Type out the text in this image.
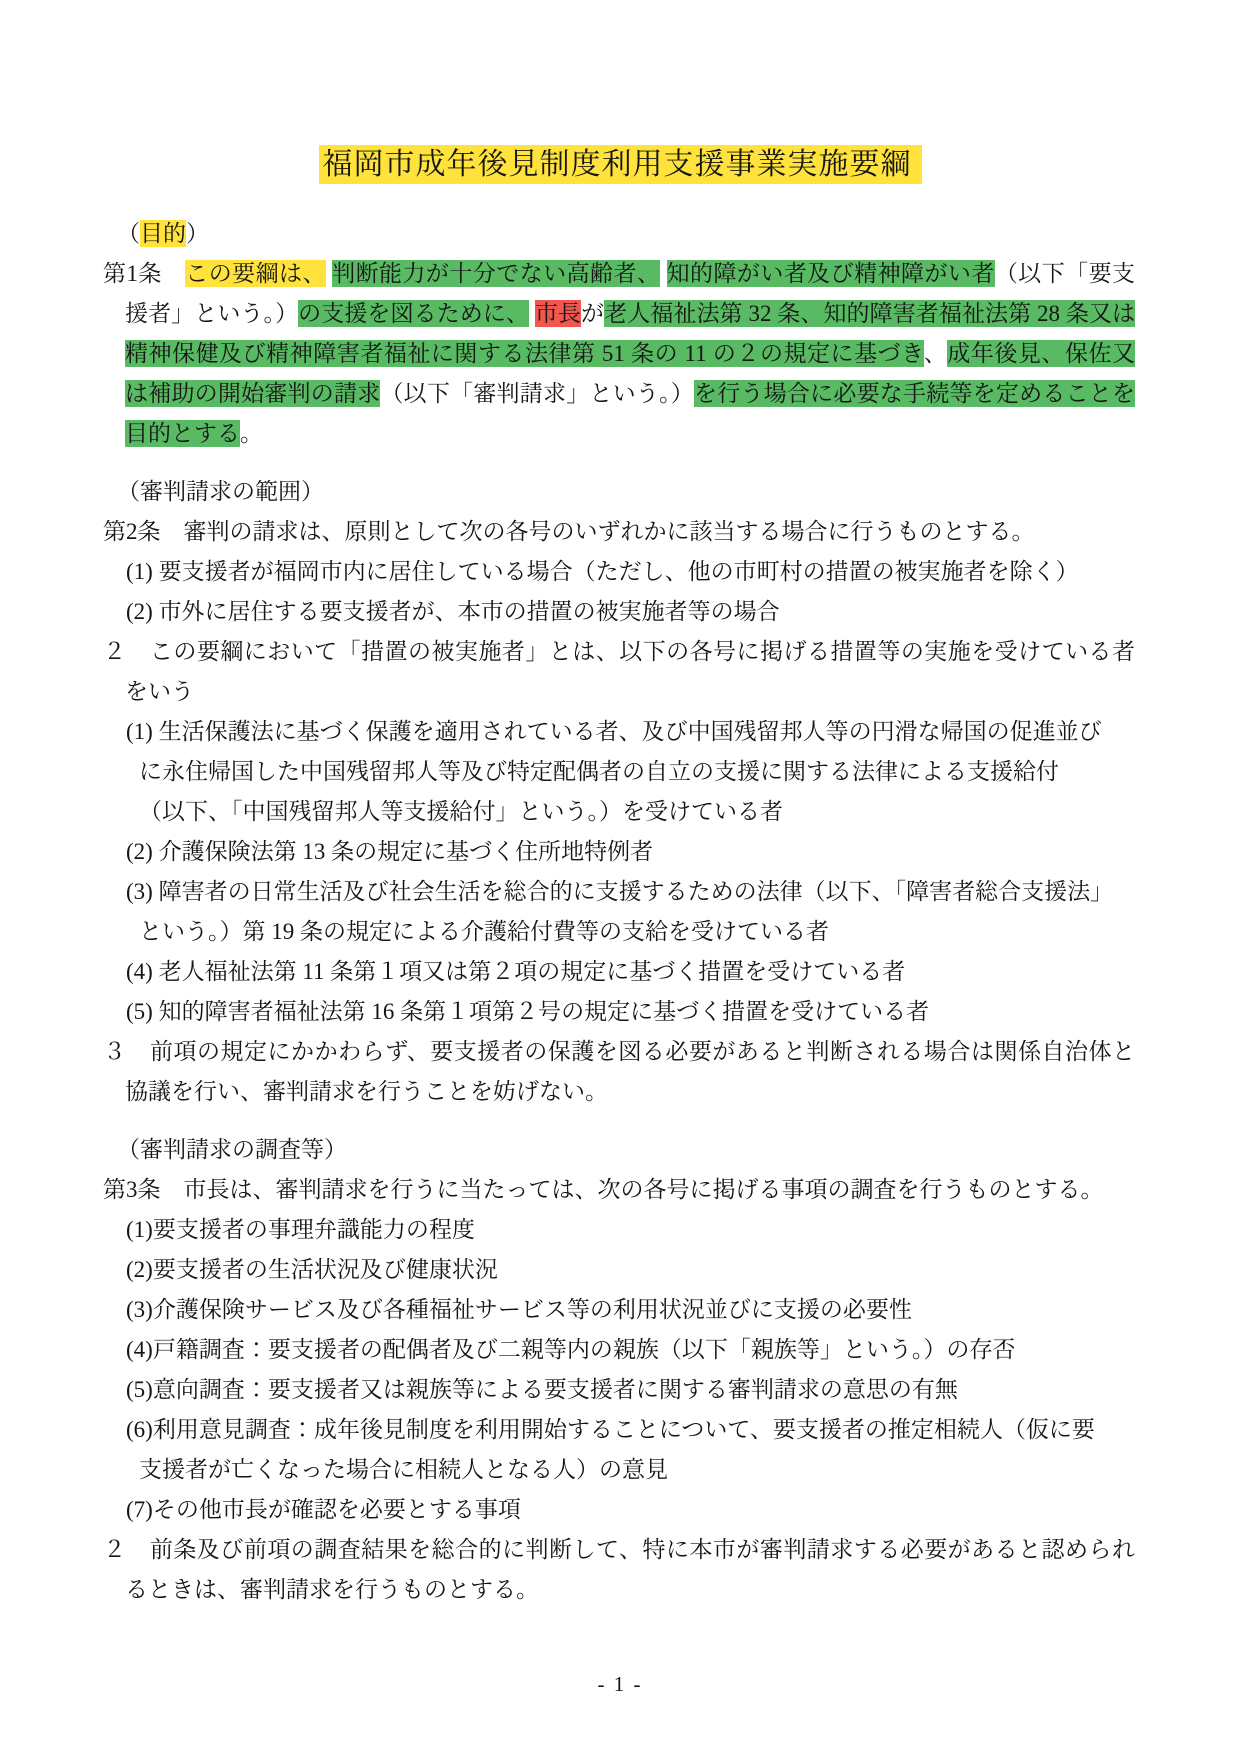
福岡市成年後見制度利用支援事業実施要綱
（目的）
第1条　この要綱は、 判断能力が十分でない高齢者、 知的障がい者及び精神障がい者（以下「要支援者」という。）の支援を図るために、 市長が老人福祉法第 32 条、知的障害者福祉法第 28 条又は精神保健及び精神障害者福祉に関する法律第 51 条の 11 の２の規定に基づき、成年後見、保佐又は補助の開始審判の請求（以下「審判請求」という。）を行う場合に必要な手続等を定めることを目的とする。
（審判請求の範囲）
第2条　審判の請求は、原則として次の各号のいずれかに該当する場合に行うものとする。
(1) 要支援者が福岡市内に居住している場合（ただし、他の市町村の措置の被実施者を除く）
(2) 市外に居住する要支援者が、本市の措置の被実施者等の場合
２　この要綱において「措置の被実施者」とは、以下の各号に掲げる措置等の実施を受けている者をいう
(1) 生活保護法に基づく保護を適用されている者、及び中国残留邦人等の円滑な帰国の促進並び
に永住帰国した中国残留邦人等及び特定配偶者の自立の支援に関する法律による支援給付
（以下、「中国残留邦人等支援給付」という。）を受けている者
(2) 介護保険法第 13 条の規定に基づく住所地特例者
(3) 障害者の日常生活及び社会生活を総合的に支援するための法律（以下、「障害者総合支援法」
という。）第 19 条の規定による介護給付費等の支給を受けている者
(4) 老人福祉法第 11 条第１項又は第２項の規定に基づく措置を受けている者
(5) 知的障害者福祉法第 16 条第１項第２号の規定に基づく措置を受けている者
３　前項の規定にかかわらず、要支援者の保護を図る必要があると判断される場合は関係自治体と協議を行い、審判請求を行うことを妨げない。
（審判請求の調査等）
第3条　市長は、審判請求を行うに当たっては、次の各号に掲げる事項の調査を行うものとする。
(1)要支援者の事理弁識能力の程度
(2)要支援者の生活状況及び健康状況
(3)介護保険サービス及び各種福祉サービス等の利用状況並びに支援の必要性
(4)戸籍調査：要支援者の配偶者及び二親等内の親族（以下「親族等」という。）の存否
(5)意向調査：要支援者又は親族等による要支援者に関する審判請求の意思の有無
(6)利用意見調査：成年後見制度を利用開始することについて、要支援者の推定相続人（仮に要
支援者が亡くなった場合に相続人となる人）の意見
(7)その他市長が確認を必要とする事項
２　前条及び前項の調査結果を総合的に判断して、特に本市が審判請求する必要があると認められるときは、審判請求を行うものとする。
- 1 -
